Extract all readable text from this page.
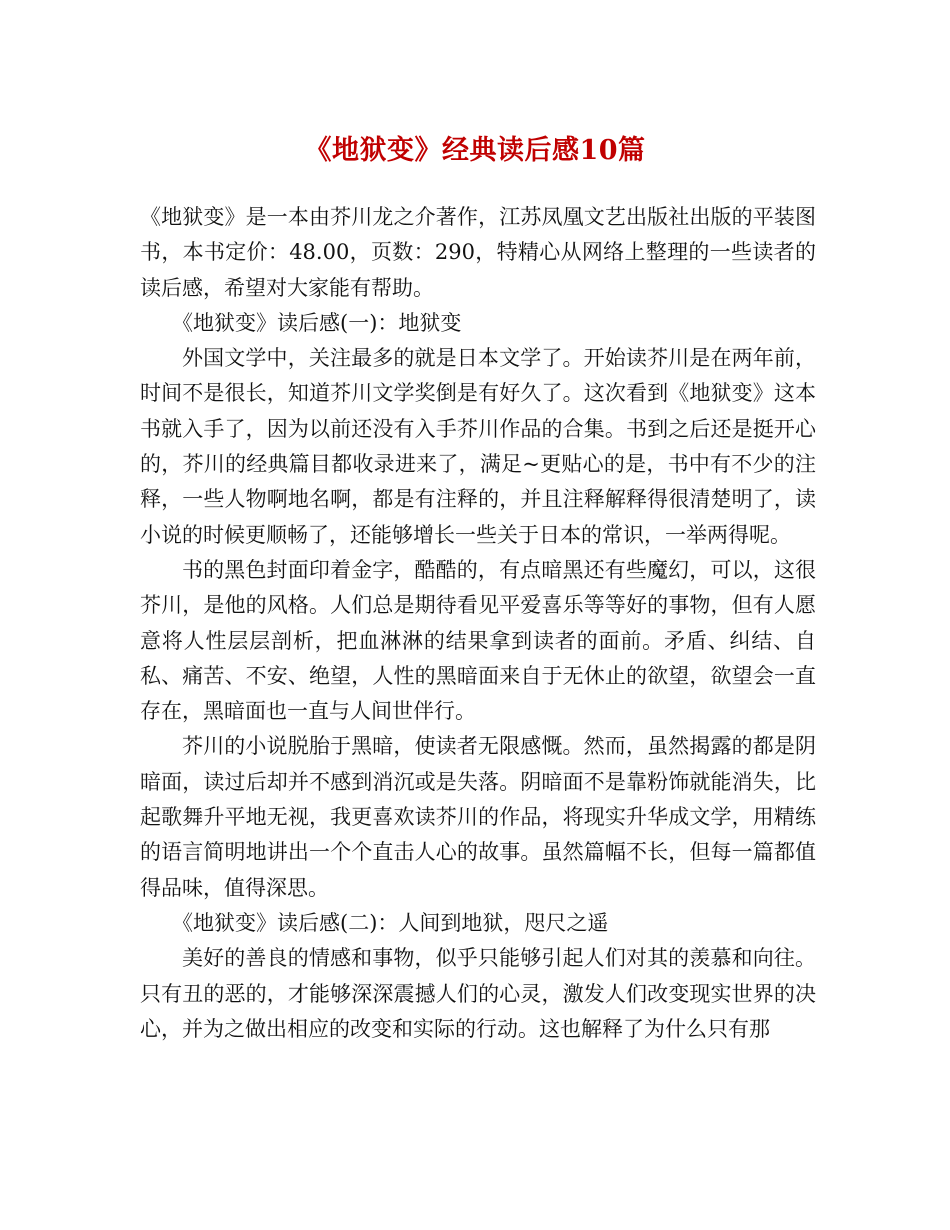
《地狱变》经典读后感10篇

《地狱变》是一本由芥川龙之介著作，江苏凤凰文艺出版社出版的平装图书，本书定价：48.00，页数：290，特精心从网络上整理的一些读者的读后感，希望对大家能有帮助。

《地狱变》读后感(一)：地狱变

外国文学中，关注最多的就是日本文学了。开始读芥川是在两年前，时间不是很长，知道芥川文学奖倒是有好久了。这次看到《地狱变》这本书就入手了，因为以前还没有入手芥川作品的合集。书到之后还是挺开心的，芥川的经典篇目都收录进来了，满足~更贴心的是，书中有不少的注释，一些人物啊地名啊，都是有注释的，并且注释解释得很清楚明了，读小说的时候更顺畅了，还能够增长一些关于日本的常识，一举两得呢。

书的黑色封面印着金字，酷酷的，有点暗黑还有些魔幻，可以，这很芥川，是他的风格。人们总是期待看见平爱喜乐等等好的事物，但有人愿意将人性层层剖析，把血淋淋的结果拿到读者的面前。矛盾、纠结、自私、痛苦、不安、绝望，人性的黑暗面来自于无休止的欲望，欲望会一直存在，黑暗面也一直与人间世伴行。

芥川的小说脱胎于黑暗，使读者无限感慨。然而，虽然揭露的都是阴暗面，读过后却并不感到消沉或是失落。阴暗面不是靠粉饰就能消失，比起歌舞升平地无视，我更喜欢读芥川的作品，将现实升华成文学，用精练的语言简明地讲出一个个直击人心的故事。虽然篇幅不长，但每一篇都值得品味，值得深思。

《地狱变》读后感(二)：人间到地狱，咫尺之遥

美好的善良的情感和事物，似乎只能够引起人们对其的羡慕和向往。只有丑的恶的，才能够深深震撼人们的心灵，激发人们改变现实世界的决心，并为之做出相应的改变和实际的行动。这也解释了为什么只有那
